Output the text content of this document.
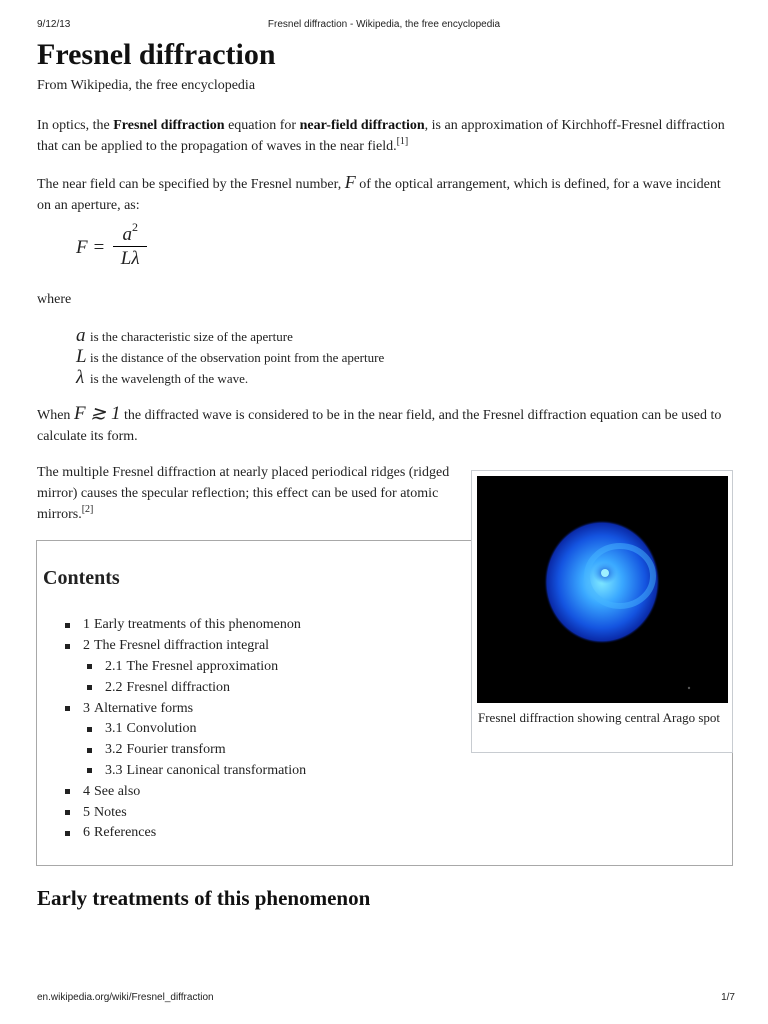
9/12/13	Fresnel diffraction - Wikipedia, the free encyclopedia
en.wikipedia.org/wiki/Fresnel_diffraction	1/7
Fresnel diffraction
From Wikipedia, the free encyclopedia

In optics, the Fresnel diffraction equation for near-field diffraction, is an approximation of Kirchhoff-Fresnel diffraction that can be applied to the propagation of waves in the near field.[1]

The near field can be specified by the Fresnel number, F of the optical arrangement, which is defined, for a wave incident on an aperture, as:

$F = \frac{a^2}{L\lambda}$

where

a is the characteristic size of the aperture
L is the distance of the observation point from the aperture
λ is the wavelength of the wave.

When F ≳ 1 the diffracted wave is considered to be in the near field, and the Fresnel diffraction equation can be used to calculate its form.

The multiple Fresnel diffraction at nearly placed periodical ridges (ridged mirror) causes the specular reflection; this effect can be used for atomic mirrors.[2]

Contents
1 Early treatments of this phenomenon
2 The Fresnel diffraction integral
2.1 The Fresnel approximation
2.2 Fresnel diffraction
3 Alternative forms
3.1 Convolution
3.2 Fourier transform
3.3 Linear canonical transformation
4 See also
5 Notes
6 References
Fresnel diffraction showing central Arago spot
Early treatments of this phenomenon
